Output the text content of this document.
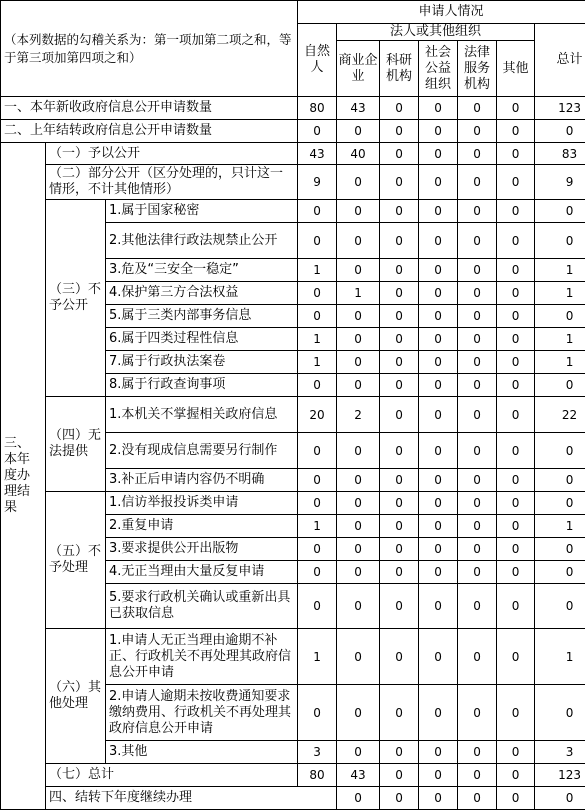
（本列数据的勾稽关系为：第一项加第二项之和，等于第三项加第四项之和）			申请人情况							
			自然人	法人或其他组织					总计	
				商业企业	科研机构	社会公益组织	法律服务机构	其他		
一、本年新收政府信息公开申请数量			80	43	0	0	0	0	123	
二、上年结转政府信息公开申请数量			0	0	0	0	0	0	0	
三、本年度办理结果	（一）予以公开		43	40	0	0	0	0	83	
	（二）部分公开（区分处理的，只计这一情形，不计其他情形）		9	0	0	0	0	0	9	
	（三）不予公开	1.属于国家秘密	0	0	0	0	0	0	0	
		2.其他法律行政法规禁止公开	0	0	0	0	0	0	0	
		3.危及“三安全一稳定”	1	0	0	0	0	0	1	
		4.保护第三方合法权益	0	1	0	0	0	0	1	
		5.属于三类内部事务信息	0	0	0	0	0	0	0	
		6.属于四类过程性信息	1	0	0	0	0	0	1	
		7.属于行政执法案卷	1	0	0	0	0	0	1	
		8.属于行政查询事项	0	0	0	0	0	0	0	
	（四）无法提供	1.本机关不掌握相关政府信息	20	2	0	0	0	0	22	
		2.没有现成信息需要另行制作	0	0	0	0	0	0	0	
		3.补正后申请内容仍不明确	0	0	0	0	0	0	0	
	（五）不予处理	1.信访举报投诉类申请	0	0	0	0	0	0	0	
		2.重复申请	1	0	0	0	0	0	1	
		3.要求提供公开出版物	0	0	0	0	0	0	0	
		4.无正当理由大量反复申请	0	0	0	0	0	0	0	
		5.要求行政机关确认或重新出具已获取信息	0	0	0	0	0	0	0	
	（六）其他处理	1.申请人无正当理由逾期不补正、行政机关不再处理其政府信息公开申请	1	0	0	0	0	0	1	
		2.申请人逾期未按收费通知要求缴纳费用、行政机关不再处理其政府信息公开申请	0	0	0	0	0	0	0	
		3.其他	3	0	0	0	0	0	3	
	（七）总计		80	43	0	0	0	0	123	
	四、结转下年度继续办理			0	0	0	0	0	0	
